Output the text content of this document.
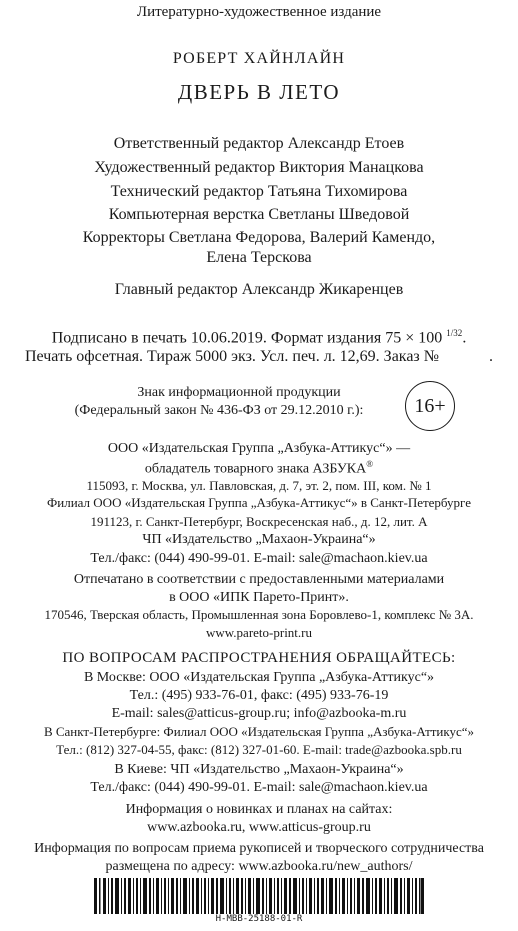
Литературно-художественное издание
РОБЕРТ ХАЙНЛАЙН
ДВЕРЬ В ЛЕТО
Ответственный редактор Александр Етоев
Художественный редактор Виктория Манацкова
Технический редактор Татьяна Тихомирова
Компьютерная верстка Светланы Шведовой
Корректоры Светлана Федорова, Валерий Камендо,
Елена Терскова
Главный редактор Александр Жикаренцев
Подписано в печать 10.06.2019. Формат издания 75 × 100 $^{1/32}$.
Печать офсетная. Тираж 5000 экз. Усл. печ. л. 12,69. Заказ №	.
Знак информационной продукции
(Федеральный закон № 436-ФЗ от 29.12.2010 г.):	16+
ООО «Издательская Группа „Азбука-Аттикус“» —
обладатель товарного знака АЗБУКА®
115093, г. Москва, ул. Павловская, д. 7, эт. 2, пом. III, ком. № 1
Филиал ООО «Издательская Группа „Азбука-Аттикус“» в Санкт-Петербурге
191123, г. Санкт-Петербург, Воскресенская наб., д. 12, лит. А
ЧП «Издательство „Махаон-Украина“»
Тел./факс: (044) 490-99-01. E-mail: sale@machaon.kiev.ua
Отпечатано в соответствии с предоставленными материалами
в ООО «ИПК Парето-Принт».
170546, Тверская область, Промышленная зона Боровлево-1, комплекс № 3А.
www.pareto-print.ru
ПО ВОПРОСАМ РАСПРОСТРАНЕНИЯ ОБРАЩАЙТЕСЬ:
В Москве: ООО «Издательская Группа „Азбука-Аттикус“»
Тел.: (495) 933-76-01, факс: (495) 933-76-19
E-mail: sales@atticus-group.ru; info@azbooka-m.ru
В Санкт-Петербурге: Филиал ООО «Издательская Группа „Азбука-Аттикус“»
Тел.: (812) 327-04-55, факс: (812) 327-01-60. E-mail: trade@azbooka.spb.ru
В Киеве: ЧП «Издательство „Махаон-Украина“»
Тел./факс: (044) 490-99-01. E-mail: sale@machaon.kiev.ua
Информация о новинках и планах на сайтах:
www.azbooka.ru, www.atticus-group.ru
Информация по вопросам приема рукописей и творческого сотрудничества
размещена по адресу: www.azbooka.ru/new_authors/
H-MBB-25188-01-R
